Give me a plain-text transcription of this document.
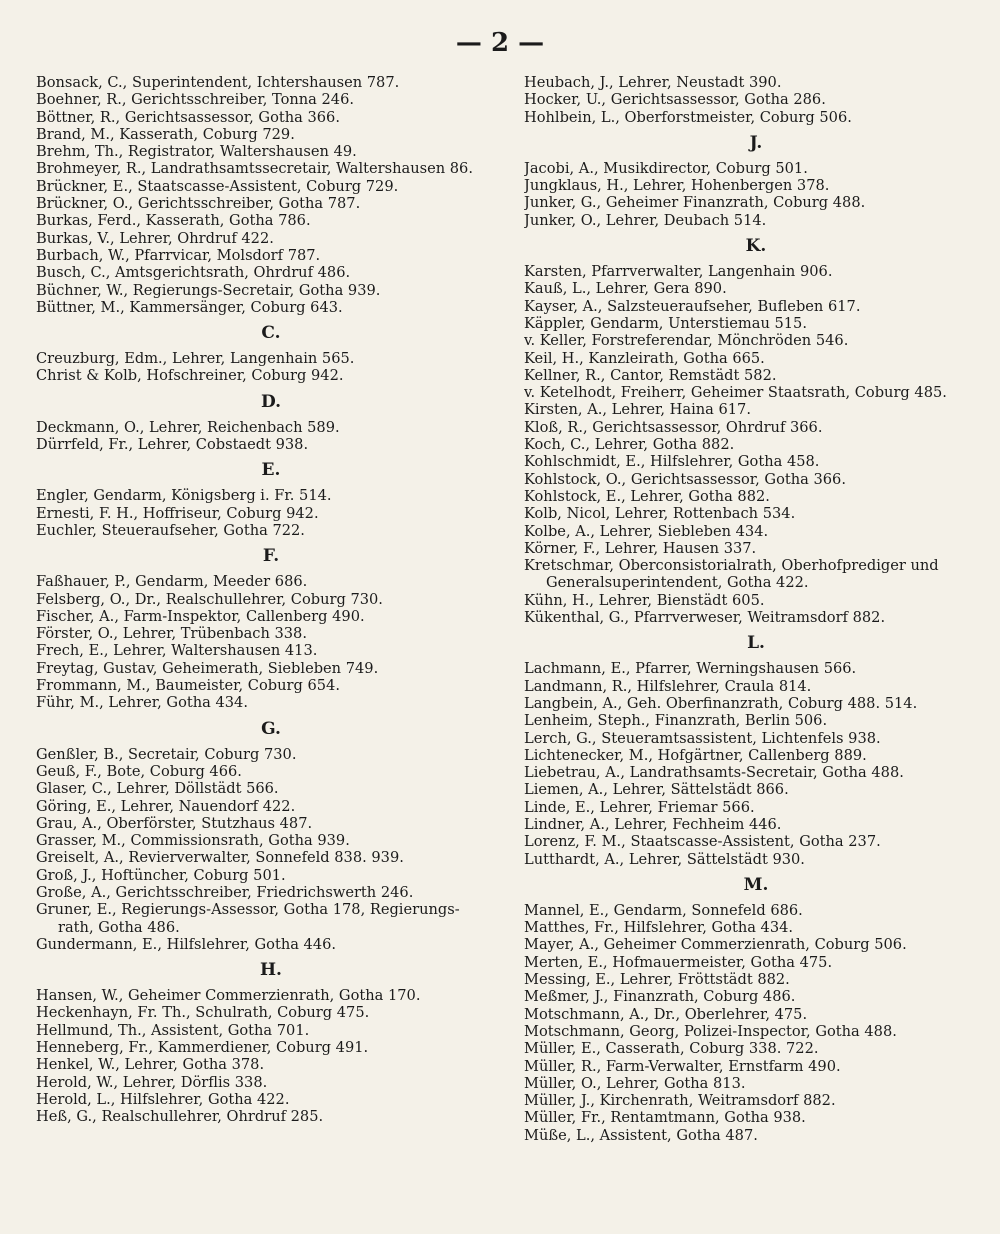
— 2 —
Bonsack, C., Superintendent, Ichtershausen 787.
Boehner, R., Gerichtsschreiber, Tonna 246.
Böttner, R., Gerichtsassessor, Gotha 366.
Brand, M., Kasserath, Coburg 729.
Brehm, Th., Registrator, Waltershausen 49.
Brohmeyer, R., Landrathsamtssecretair, Waltershausen 86.
Brückner, E., Staatscasse-Assistent, Coburg 729.
Brückner, O., Gerichtsschreiber, Gotha 787.
Burkas, Ferd., Kasserath, Gotha 786.
Burkas, V., Lehrer, Ohrdruf 422.
Burbach, W., Pfarrvicar, Molsdorf 787.
Busch, C., Amtsgerichtsrath, Ohrdruf 486.
Büchner, W., Regierungs-Secretair, Gotha 939.
Büttner, M., Kammersänger, Coburg 643.
C.
Creuzburg, Edm., Lehrer, Langenhain 565.
Christ & Kolb, Hofschreiner, Coburg 942.
D.
Deckmann, O., Lehrer, Reichenbach 589.
Dürrfeld, Fr., Lehrer, Cobstaedt 938.
E.
Engler, Gendarm, Königsberg i. Fr. 514.
Ernesti, F. H., Hoffriseur, Coburg 942.
Euchler, Steueraufseher, Gotha 722.
F.
Faßhauer, P., Gendarm, Meeder 686.
Felsberg, O., Dr., Realschullehrer, Coburg 730.
Fischer, A., Farm-Inspektor, Callenberg 490.
Förster, O., Lehrer, Trübenbach 338.
Frech, E., Lehrer, Waltershausen 413.
Freytag, Gustav, Geheimerath, Siebleben 749.
Frommann, M., Baumeister, Coburg 654.
Führ, M., Lehrer, Gotha 434.
G.
Genßler, B., Secretair, Coburg 730.
Geuß, F., Bote, Coburg 466.
Glaser, C., Lehrer, Döllstädt 566.
Göring, E., Lehrer, Nauendorf 422.
Grau, A., Oberförster, Stutzhaus 487.
Grasser, M., Commissionsrath, Gotha 939.
Greiselt, A., Revierverwalter, Sonnefeld 838. 939.
Groß, J., Hoftüncher, Coburg 501.
Große, A., Gerichtsschreiber, Friedrichswerth 246.
Gruner, E., Regierungs-Assessor, Gotha 178, Regierungs-
rath, Gotha 486.
Gundermann, E., Hilfslehrer, Gotha 446.
H.
Hansen, W., Geheimer Commerzienrath, Gotha 170.
Heckenhayn, Fr. Th., Schulrath, Coburg 475.
Hellmund, Th., Assistent, Gotha 701.
Henneberg, Fr., Kammerdiener, Coburg 491.
Henkel, W., Lehrer, Gotha 378.
Herold, W., Lehrer, Dörflis 338.
Herold, L., Hilfslehrer, Gotha 422.
Heß, G., Realschullehrer, Ohrdruf 285.
Heubach, J., Lehrer, Neustadt 390.
Hocker, U., Gerichtsassessor, Gotha 286.
Hohlbein, L., Oberforstmeister, Coburg 506.
J.
Jacobi, A., Musikdirector, Coburg 501.
Jungklaus, H., Lehrer, Hohenbergen 378.
Junker, G., Geheimer Finanzrath, Coburg 488.
Junker, O., Lehrer, Deubach 514.
K.
Karsten, Pfarrverwalter, Langenhain 906.
Kauß, L., Lehrer, Gera 890.
Kayser, A., Salzsteueraufseher, Bufleben 617.
Käppler, Gendarm, Unterstiemau 515.
v. Keller, Forstreferendar, Mönchröden 546.
Keil, H., Kanzleirath, Gotha 665.
Kellner, R., Cantor, Remstädt 582.
v. Ketelhodt, Freiherr, Geheimer Staatsrath, Coburg 485.
Kirsten, A., Lehrer, Haina 617.
Kloß, R., Gerichtsassessor, Ohrdruf 366.
Koch, C., Lehrer, Gotha 882.
Kohlschmidt, E., Hilfslehrer, Gotha 458.
Kohlstock, O., Gerichtsassessor, Gotha 366.
Kohlstock, E., Lehrer, Gotha 882.
Kolb, Nicol, Lehrer, Rottenbach 534.
Kolbe, A., Lehrer, Siebleben 434.
Körner, F., Lehrer, Hausen 337.
Kretschmar, Oberconsistorialrath, Oberhofprediger und
Generalsuperintendent, Gotha 422.
Kühn, H., Lehrer, Bienstädt 605.
Kükenthal, G., Pfarrverweser, Weitramsdorf 882.
L.
Lachmann, E., Pfarrer, Werningshausen 566.
Landmann, R., Hilfslehrer, Craula 814.
Langbein, A., Geh. Oberfinanzrath, Coburg 488. 514.
Lenheim, Steph., Finanzrath, Berlin 506.
Lerch, G., Steueramtsassistent, Lichtenfels 938.
Lichtenecker, M., Hofgärtner, Callenberg 889.
Liebetrau, A., Landrathsamts-Secretair, Gotha 488.
Liemen, A., Lehrer, Sättelstädt 866.
Linde, E., Lehrer, Friemar 566.
Lindner, A., Lehrer, Fechheim 446.
Lorenz, F. M., Staatscasse-Assistent, Gotha 237.
Lutthardt, A., Lehrer, Sättelstädt 930.
M.
Mannel, E., Gendarm, Sonnefeld 686.
Matthes, Fr., Hilfslehrer, Gotha 434.
Mayer, A., Geheimer Commerzienrath, Coburg 506.
Merten, E., Hofmauermeister, Gotha 475.
Messing, E., Lehrer, Fröttstädt 882.
Meßmer, J., Finanzrath, Coburg 486.
Motschmann, A., Dr., Oberlehrer, 475.
Motschmann, Georg, Polizei-Inspector, Gotha 488.
Müller, E., Casserath, Coburg 338. 722.
Müller, R., Farm-Verwalter, Ernstfarm 490.
Müller, O., Lehrer, Gotha 813.
Müller, J., Kirchenrath, Weitramsdorf 882.
Müller, Fr., Rentamtmann, Gotha 938.
Müße, L., Assistent, Gotha 487.
